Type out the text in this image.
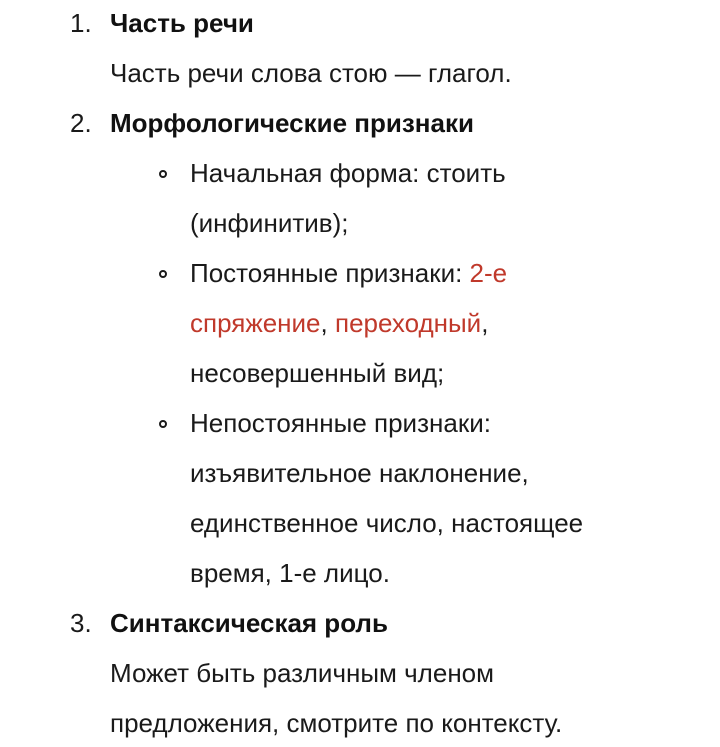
1. Часть речи
Часть речи слова стою — глагол.
2. Морфологические признаки
Начальная форма: стоить
(инфинитив);
Постоянные признаки: 2-е
спряжение, переходный,
несовершенный вид;
Непостоянные признаки:
изъявительное наклонение,
единственное число, настоящее
время, 1-е лицо.
3. Синтаксическая роль
Может быть различным членом
предложения, смотрите по контексту.
